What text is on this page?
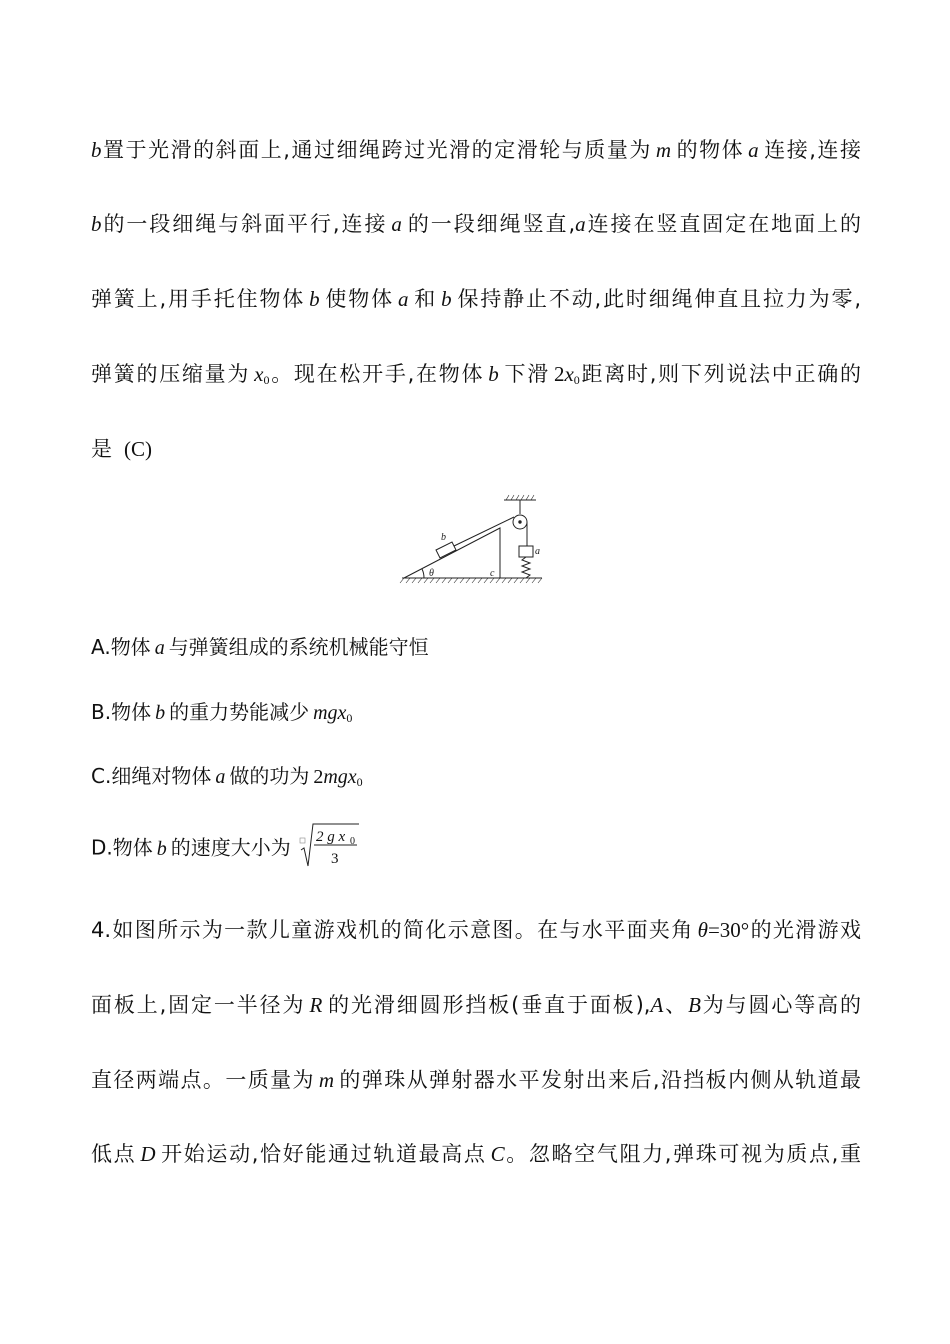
b置于光滑的斜面上,通过细绳跨过光滑的定滑轮与质量为 m 的物体 a 连接,连接
b的一段细绳与斜面平行,连接 a 的一段细绳竖直,a连接在竖直固定在地面上的
弹簧上,用手托住物体 b 使物体 a 和 b 保持静止不动,此时细绳伸直且拉力为零,
弹簧的压缩量为 $x_0$。现在松开手,在物体 b 下滑 $2x_0$距离时,则下列说法中正确的
是 (C)
b
a
θ	c
A.物体 a 与弹簧组成的系统机械能守恒
B.物体 b 的重力势能减少 mgx$_0$
C.细绳对物体 a 做的功为 2mgx$_0$
D.物体 b 的速度大小为 2 g x 0
3
4.如图所示为一款儿童游戏机的简化示意图。在与水平面夹角 θ=30°的光滑游戏
面板上,固定一半径为 R 的光滑细圆形挡板(垂直于面板),A、B为与圆心等高的
直径两端点。一质量为 m 的弹珠从弹射器水平发射出来后,沿挡板内侧从轨道最
低点 D 开始运动,恰好能通过轨道最高点 C。忽略空气阻力,弹珠可视为质点,重
